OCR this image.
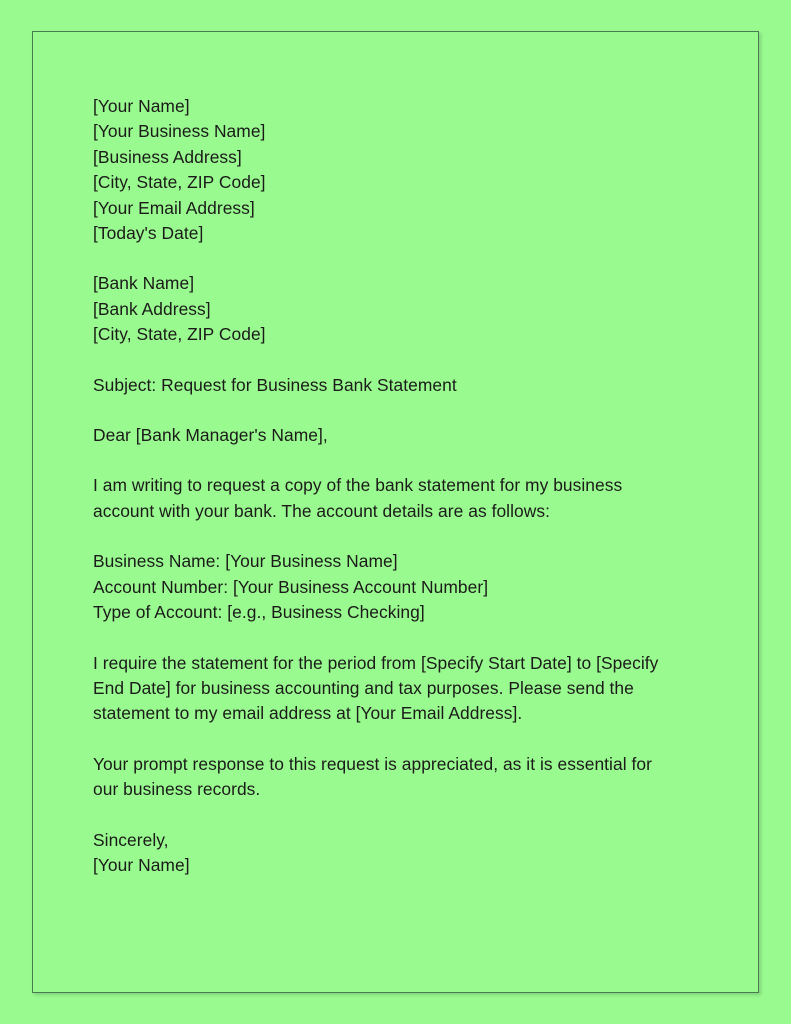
[Your Name]
[Your Business Name]
[Business Address]
[City, State, ZIP Code]
[Your Email Address]
[Today's Date]
[Bank Name]
[Bank Address]
[City, State, ZIP Code]
Subject: Request for Business Bank Statement
Dear [Bank Manager's Name],

I am writing to request a copy of the bank statement for my business account with your bank. The account details are as follows:

Business Name: [Your Business Name]
Account Number: [Your Business Account Number]
Type of Account: [e.g., Business Checking]

I require the statement for the period from [Specify Start Date] to [Specify End Date] for business accounting and tax purposes. Please send the statement to my email address at [Your Email Address].

Your prompt response to this request is appreciated, as it is essential for our business records.

Sincerely,
[Your Name]
